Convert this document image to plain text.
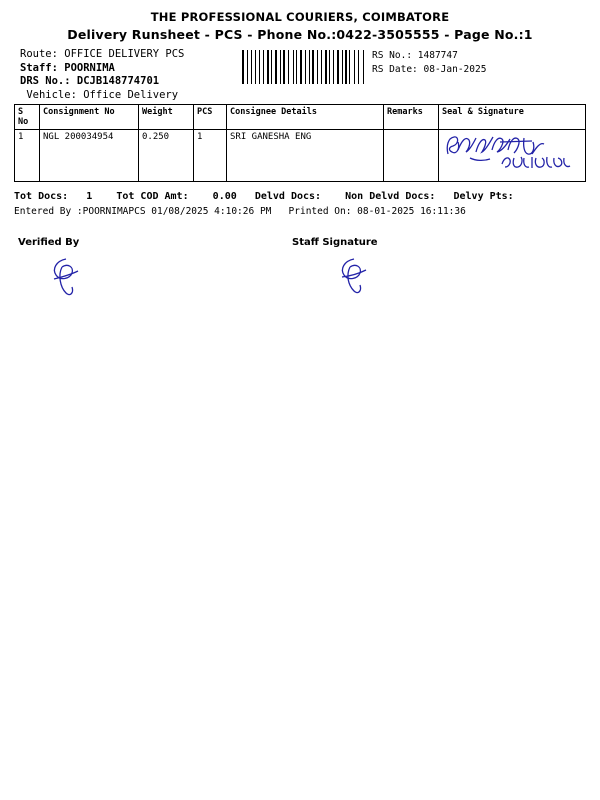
THE PROFESSIONAL COURIERS, COIMBATORE
Delivery Runsheet - PCS - Phone No.:0422-3505555 - Page No.:1
Route: OFFICE DELIVERY PCS
Staff: POORNIMA
DRS No.: DCJB148774701
Vehicle: Office Delivery
RS No.: 1487747
RS Date: 08-Jan-2025
S No	Consignment No	Weight	PCS	Consignee Details	Remarks	Seal & Signature
1	NGL 200034954	0.250	1	SRI GANESHA ENG		
Tot Docs:   1    Tot COD Amt:    0.00   Delvd Docs:    Non Delvd Docs:   Delvy Pts:
Entered By :POORNIMAPCS 01/08/2025 4:10:26 PM   Printed On: 08-01-2025 16:11:36
Verified By	Staff Signature
